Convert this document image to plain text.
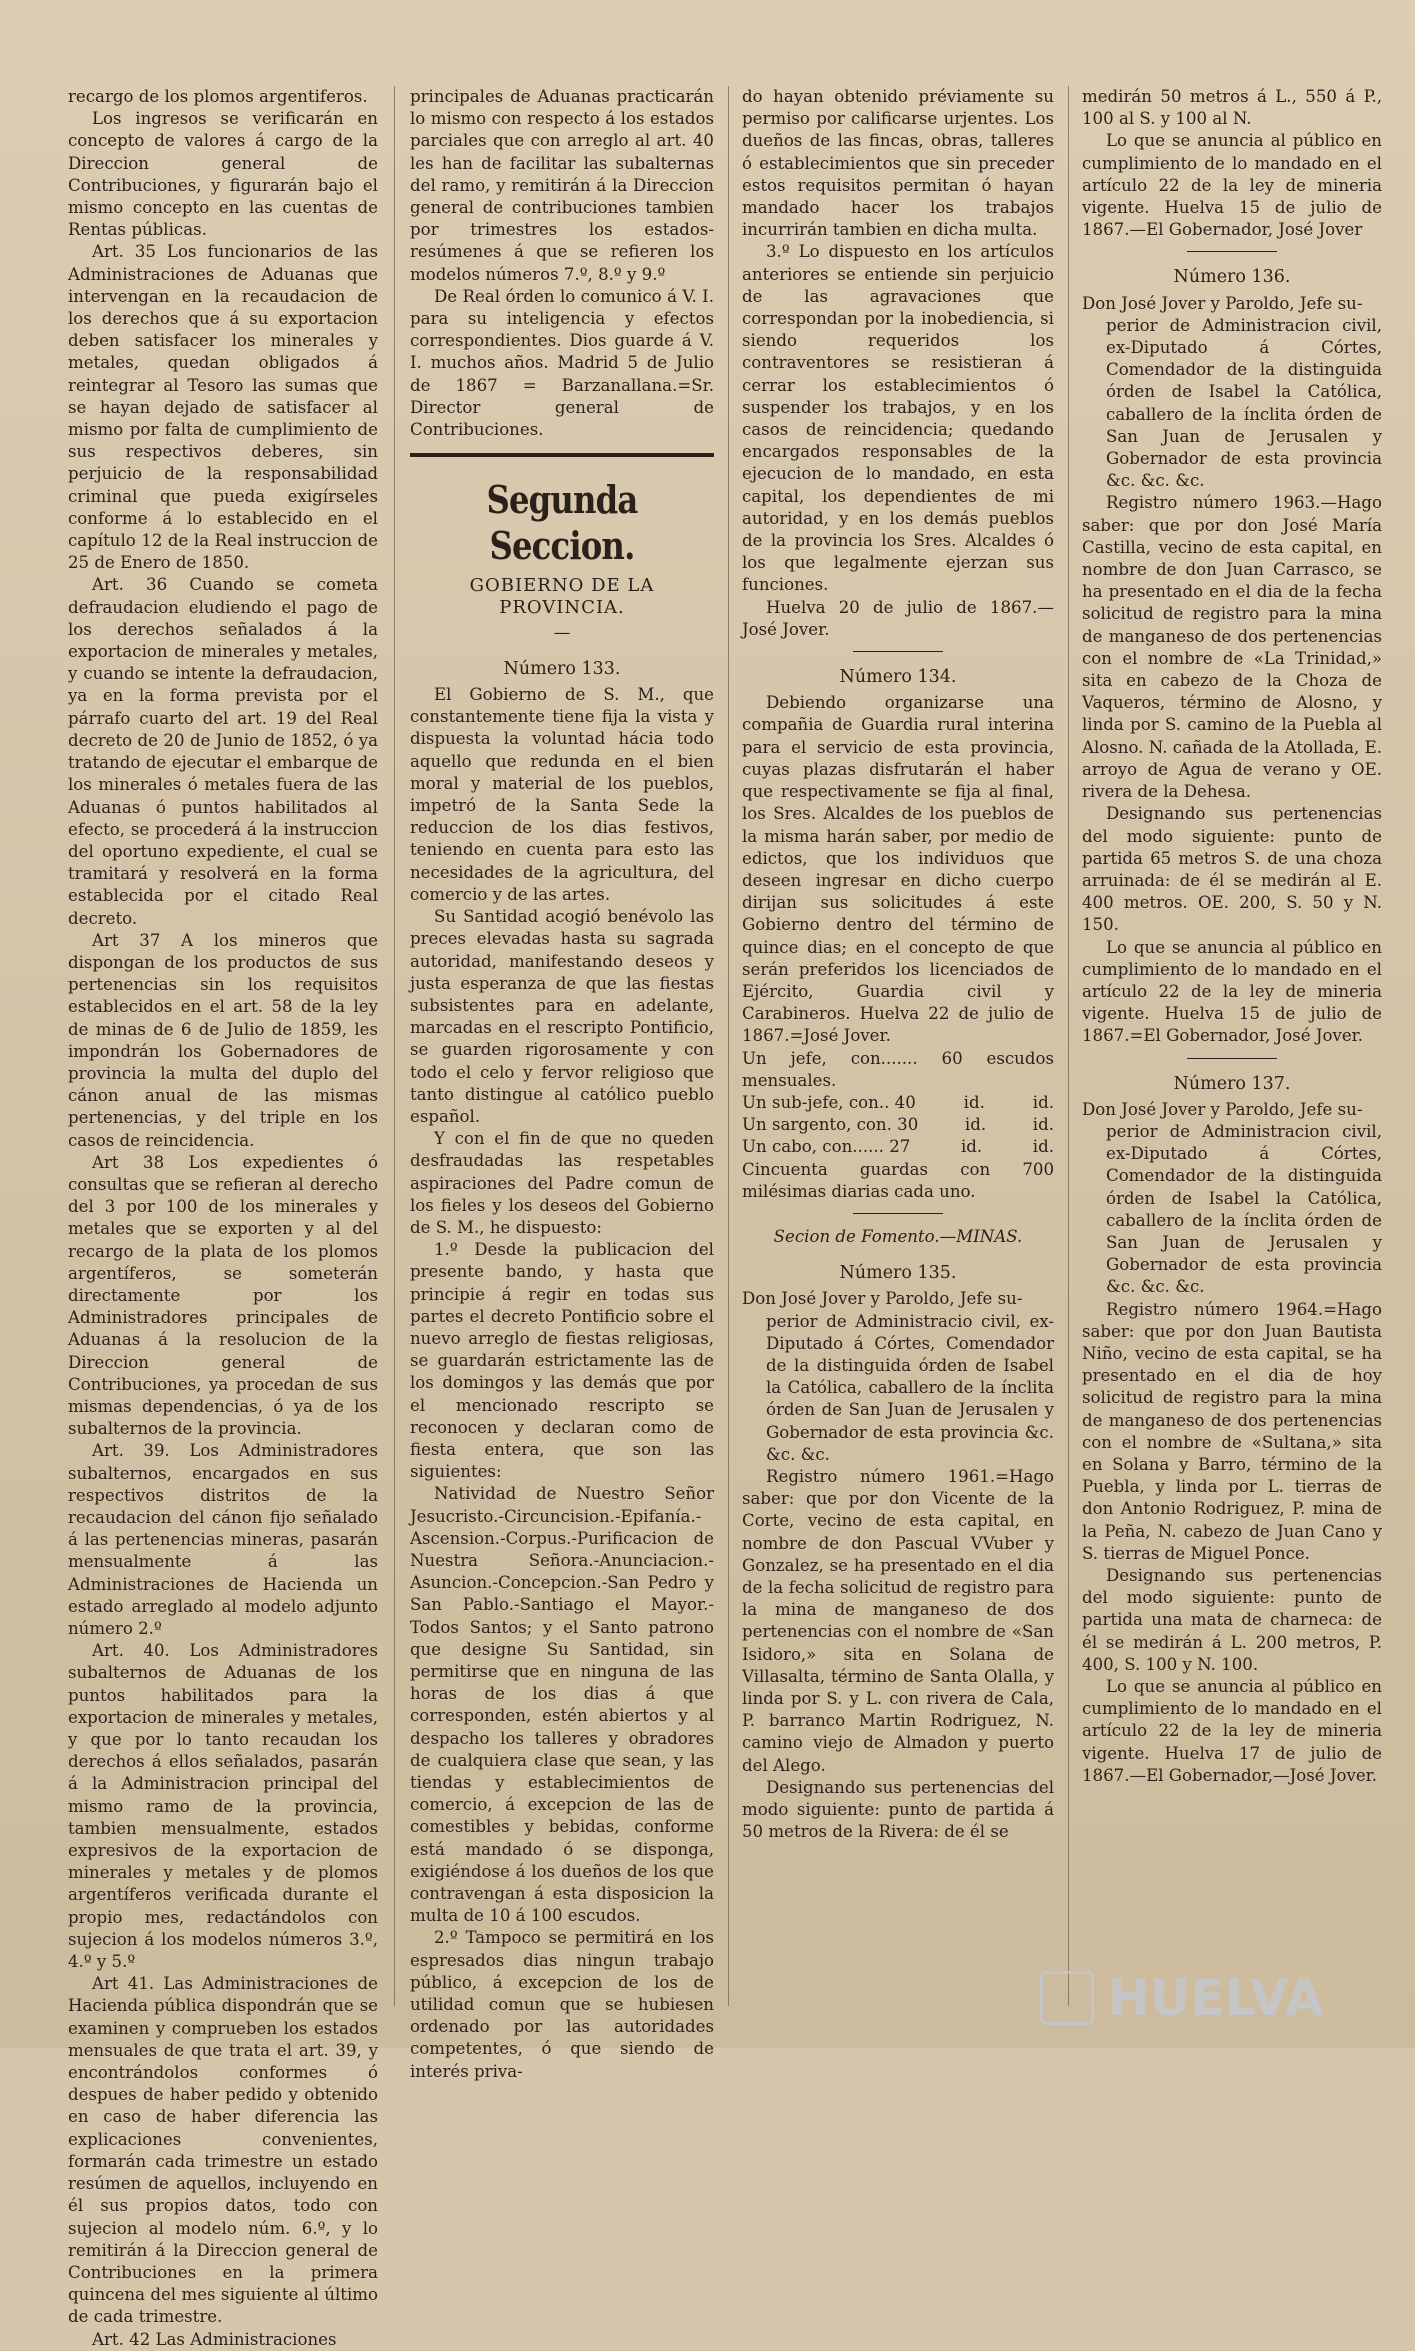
recargo de los plomos argentiferos.

Los ingresos se verificarán en concepto de valores á cargo de la Direccion general de Contribuciones, y figurarán bajo el mismo concepto en las cuentas de Rentas públicas.

Art. 35 Los funcionarios de las Administraciones de Aduanas que intervengan en la recaudacion de los derechos que á su exportacion deben satisfacer los minerales y metales, quedan obligados á reintegrar al Tesoro las sumas que se hayan dejado de satisfacer al mismo por falta de cumplimiento de sus respectivos deberes, sin perjuicio de la responsabilidad criminal que pueda exigírseles conforme á lo establecido en el capítulo 12 de la Real instruccion de 25 de Enero de 1850.

Art. 36 Cuando se cometa defraudacion eludiendo el pago de los derechos señalados á la exportacion de minerales y metales, y cuando se intente la defraudacion, ya en la forma prevista por el párrafo cuarto del art. 19 del Real decreto de 20 de Junio de 1852, ó ya tratando de ejecutar el embarque de los minerales ó metales fuera de las Aduanas ó puntos habilitados al efecto, se procederá á la instruccion del oportuno expediente, el cual se tramitará y resolverá en la forma establecida por el citado Real decreto.

Art 37 A los mineros que dispongan de los productos de sus pertenencias sin los requisitos establecidos en el art. 58 de la ley de minas de 6 de Julio de 1859, les impondrán los Gobernadores de provincia la multa del duplo del cánon anual de las mismas pertenencias, y del triple en los casos de reincidencia.

Art 38 Los expedientes ó consultas que se refieran al derecho del 3 por 100 de los minerales y metales que se exporten y al del recargo de la plata de los plomos argentíferos, se someterán directamente por los Administradores principales de Aduanas á la resolucion de la Direccion general de Contribuciones, ya procedan de sus mismas dependencias, ó ya de los subalternos de la provincia.

Art. 39. Los Administradores subalternos, encargados en sus respectivos distritos de la recaudacion del cánon fijo señalado á las pertenencias mineras, pasarán mensualmente á las Administraciones de Hacienda un estado arreglado al modelo adjunto número 2.º

Art. 40. Los Administradores subalternos de Aduanas de los puntos habilitados para la exportacion de minerales y metales, y que por lo tanto recaudan los derechos á ellos señalados, pasarán á la Administracion principal del mismo ramo de la provincia, tambien mensualmente, estados expresivos de la exportacion de minerales y metales y de plomos argentíferos verificada durante el propio mes, redactándolos con sujecion á los modelos números 3.º, 4.º y 5.º

Art 41. Las Administraciones de Hacienda pública dispondrán que se examinen y comprueben los estados mensuales de que trata el art. 39, y encontrándolos conformes ó despues de haber pedido y obtenido en caso de haber diferencia las explicaciones convenientes, formarán cada trimestre un estado resúmen de aquellos, incluyendo en él sus propios datos, todo con sujecion al modelo núm. 6.º, y lo remitirán á la Direccion general de Contribuciones en la primera quincena del mes siguiente al último de cada trimestre.

Art. 42 Las Administraciones

principales de Aduanas practicarán lo mismo con respecto á los estados parciales que con arreglo al art. 40 les han de facilitar las subalternas del ramo, y remitirán á la Direccion general de contribuciones tambien por trimestres los estados-resúmenes á que se refieren los modelos números 7.º, 8.º y 9.º

De Real órden lo comunico á V. I. para su inteligencia y efectos correspondientes. Dios guarde á V. I. muchos años. Madrid 5 de Julio de 1867 = Barzanallana.=Sr. Director general de Contribuciones.

Segunda Seccion.
GOBIERNO DE LA PROVINCIA.
—
Número 133.

El Gobierno de S. M., que constantemente tiene fija la vista y dispuesta la voluntad hácia todo aquello que redunda en el bien moral y material de los pueblos, impetró de la Santa Sede la reduccion de los dias festivos, teniendo en cuenta para esto las necesidades de la agricultura, del comercio y de las artes.

Su Santidad acogió benévolo las preces elevadas hasta su sagrada autoridad, manifestando deseos y justa esperanza de que las fiestas subsistentes para en adelante, marcadas en el rescripto Pontificio, se guarden rigorosamente y con todo el celo y fervor religioso que tanto distingue al católico pueblo español.

Y con el fin de que no queden desfraudadas las respetables aspiraciones del Padre comun de los fieles y los deseos del Gobierno de S. M., he dispuesto:

1.º Desde la publicacion del presente bando, y hasta que principie á regir en todas sus partes el decreto Pontificio sobre el nuevo arreglo de fiestas religiosas, se guardarán estrictamente las de los domingos y las demás que por el mencionado rescripto se reconocen y declaran como de fiesta entera, que son las siguientes:

Natividad de Nuestro Señor Jesucristo.-Circuncision.-Epifanía.-Ascension.-Corpus.-Purificacion de Nuestra Señora.-Anunciacion.-Asuncion.-Concepcion.-San Pedro y San Pablo.-Santiago el Mayor.-Todos Santos; y el Santo patrono que designe Su Santidad, sin permitirse que en ninguna de las horas de los dias á que corresponden, estén abiertos y al despacho los talleres y obradores de cualquiera clase que sean, y las tiendas y establecimientos de comercio, á excepcion de las de comestibles y bebidas, conforme está mandado ó se disponga, exigiéndose á los dueños de los que contravengan á esta disposicion la multa de 10 á 100 escudos.

2.º Tampoco se permitirá en los espresados dias ningun trabajo público, á excepcion de los de utilidad comun que se hubiesen ordenado por las autoridades competentes, ó que siendo de interés priva-

do hayan obtenido préviamente su permiso por calificarse urjentes. Los dueños de las fincas, obras, talleres ó establecimientos que sin preceder estos requisitos permitan ó hayan mandado hacer los trabajos incurrirán tambien en dicha multa.

3.º Lo dispuesto en los artículos anteriores se entiende sin perjuicio de las agravaciones que correspondan por la inobediencia, si siendo requeridos los contraventores se resistieran á cerrar los establecimientos ó suspender los trabajos, y en los casos de reincidencia; quedando encargados responsables de la ejecucion de lo mandado, en esta capital, los dependientes de mi autoridad, y en los demás pueblos de la provincia los Sres. Alcaldes ó los que legalmente ejerzan sus funciones.

Huelva 20 de julio de 1867.— José Jover.

Número 134.

Debiendo organizarse una compañia de Guardia rural interina para el servicio de esta provincia, cuyas plazas disfrutarán el haber que respectivamente se fija al final, los Sres. Alcaldes de los pueblos de la misma harán saber, por medio de edictos, que los individuos que deseen ingresar en dicho cuerpo dirijan sus solicitudes á este Gobierno dentro del término de quince dias; en el concepto de que serán preferidos los licenciados de Ejército, Guardia civil y Carabineros. Huelva 22 de julio de 1867.=José Jover.

Un jefe, con....... 60 escudos mensuales.

Un sub-jefe, con.. 40	id.	id.
Un sargento, con. 30	id.	id.
Un cabo, con...... 27	id.	id.

Cincuenta guardas con 700 milésimas diarias cada uno.

Secion de Fomento.—MINAS.
Número 135.

Don José Jover y Paroldo, Jefe su-
perior de Administracio civil, ex-Diputado á Córtes, Comendador de la distinguida órden de Isabel la Católica, caballero de la ínclita órden de San Juan de Jerusalen y Gobernador de esta provincia &c. &c. &c.

Registro número 1961.=Hago saber: que por don Vicente de la Corte, vecino de esta capital, en nombre de don Pascual VVuber y Gonzalez, se ha presentado en el dia de la fecha solicitud de registro para la mina de manganeso de dos pertenencias con el nombre de «San Isidoro,» sita en Solana de Villasalta, término de Santa Olalla, y linda por S. y L. con rivera de Cala, P. barranco Martin Rodriguez, N. camino viejo de Almadon y puerto del Alego.

Designando sus pertenencias del modo siguiente: punto de partida á 50 metros de la Rivera: de él se

medirán 50 metros á L., 550 á P., 100 al S. y 100 al N.

Lo que se anuncia al público en cumplimiento de lo mandado en el artículo 22 de la ley de mineria vigente. Huelva 15 de julio de 1867.—El Gobernador, José Jover

Número 136.

Don José Jover y Paroldo, Jefe su-
perior de Administracion civil, ex-Diputado á Córtes, Comendador de la distinguida órden de Isabel la Católica, caballero de la ínclita órden de San Juan de Jerusalen y Gobernador de esta provincia &c. &c. &c.

Registro número 1963.—Hago saber: que por don José María Castilla, vecino de esta capital, en nombre de don Juan Carrasco, se ha presentado en el dia de la fecha solicitud de registro para la mina de manganeso de dos pertenencias con el nombre de «La Trinidad,» sita en cabezo de la Choza de Vaqueros, término de Alosno, y linda por S. camino de la Puebla al Alosno. N. cañada de la Atollada, E. arroyo de Agua de verano y OE. rivera de la Dehesa.

Designando sus pertenencias del modo siguiente: punto de partida 65 metros S. de una choza arruinada: de él se medirán al E. 400 metros. OE. 200, S. 50 y N. 150.

Lo que se anuncia al público en cumplimiento de lo mandado en el artículo 22 de la ley de mineria vigente. Huelva 15 de julio de 1867.=El Gobernador, José Jover.

Número 137.

Don José Jover y Paroldo, Jefe su-
perior de Administracion civil, ex-Diputado á Córtes, Comendador de la distinguida órden de Isabel la Católica, caballero de la ínclita órden de San Juan de Jerusalen y Gobernador de esta provincia &c. &c. &c.

Registro número 1964.=Hago saber: que por don Juan Bautista Niño, vecino de esta capital, se ha presentado en el dia de hoy solicitud de registro para la mina de manganeso de dos pertenencias con el nombre de «Sultana,» sita en Solana y Barro, término de la Puebla, y linda por L. tierras de don Antonio Rodriguez, P. mina de la Peña, N. cabezo de Juan Cano y S. tierras de Miguel Ponce.

Designando sus pertenencias del modo siguiente: punto de partida una mata de charneca: de él se medirán á L. 200 metros, P. 400, S. 100 y N. 100.

Lo que se anuncia al público en cumplimiento de lo mandado en el artículo 22 de la ley de mineria vigente. Huelva 17 de julio de 1867.—El Gobernador,—José Jover.

HUELVA
